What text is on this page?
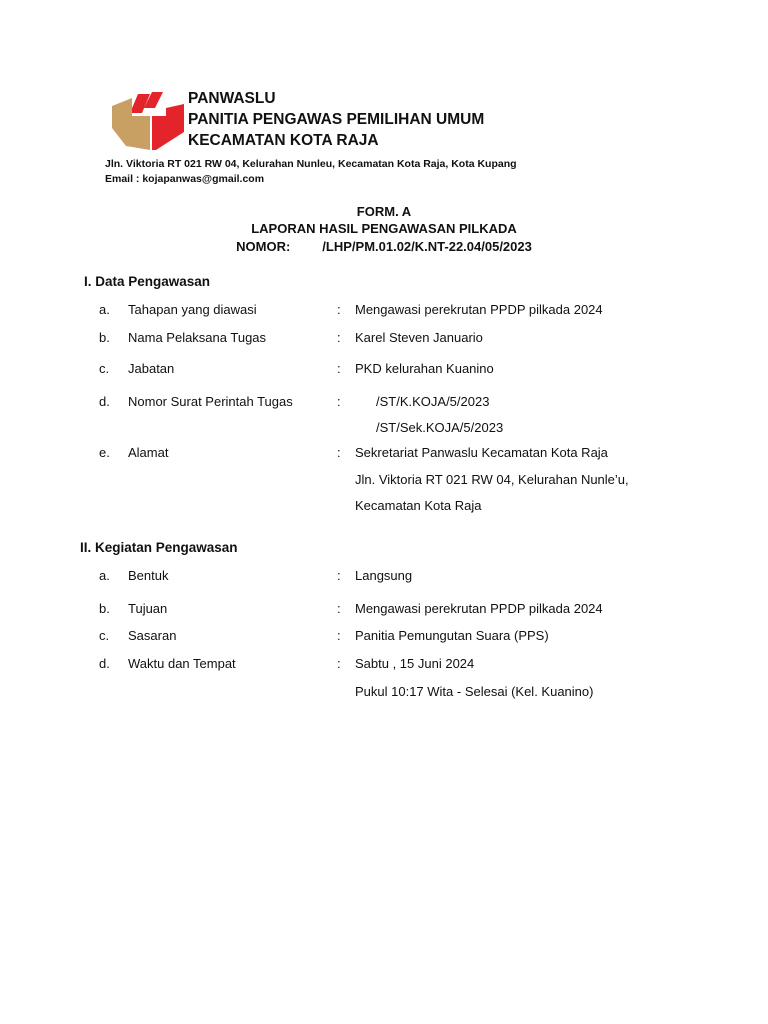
PANWASLU
PANITIA PENGAWAS PEMILIHAN UMUM
KECAMATAN KOTA RAJA
Jln. Viktoria RT 021 RW 04, Kelurahan Nunleu, Kecamatan Kota Raja, Kota Kupang
Email : kojapanwas@gmail.com
FORM. A
LAPORAN HASIL PENGAWASAN PILKADA
NOMOR: /LHP/PM.01.02/K.NT-22.04/05/2023
I. Data Pengawasan
a. Tahapan yang diawasi	: Mengawasi perekrutan PPDP pilkada 2024
b. Nama Pelaksana Tugas	: Karel Steven Januario
c. Jabatan	: PKD kelurahan Kuanino
d. Nomor Surat Perintah Tugas	:	/ST/K.KOJA/5/2023
/ST/Sek.KOJA/5/2023
e. Alamat	: Sekretariat Panwaslu Kecamatan Kota Raja
Jln. Viktoria RT 021 RW 04, Kelurahan Nunle’u,
Kecamatan Kota Raja
II. Kegiatan Pengawasan
a. Bentuk	: Langsung
b. Tujuan	: Mengawasi perekrutan PPDP pilkada 2024
c. Sasaran	: Panitia Pemungutan Suara (PPS)
d. Waktu dan Tempat	: Sabtu , 15 Juni 2024
Pukul 10:17 Wita - Selesai (Kel. Kuanino)
